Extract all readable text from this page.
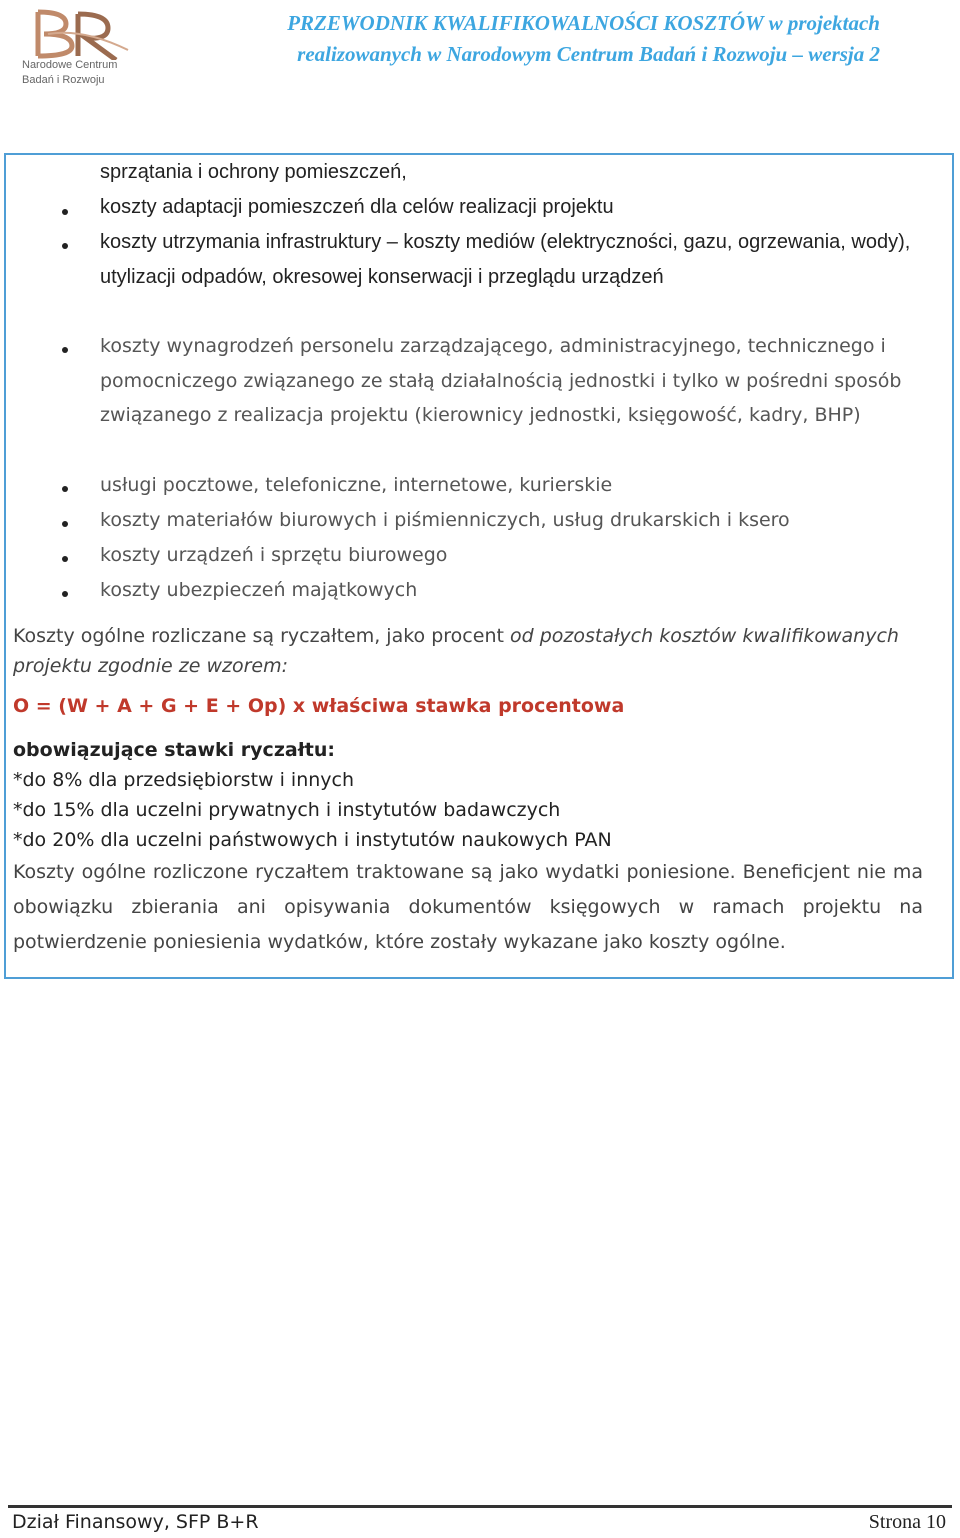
Narodowe Centrum
Badań i Rozwoju
PRZEWODNIK KWALIFIKOWALNOŚCI KOSZTÓW w projektach
realizowanych w Narodowym Centrum Badań i Rozwoju – wersja 2
sprzątania i ochrony pomieszczeń,
koszty adaptacji pomieszczeń dla celów realizacji projektu
koszty utrzymania infrastruktury – koszty mediów (elektryczności, gazu, ogrzewania, wody), utylizacji odpadów, okresowej konserwacji i przeglądu urządzeń
koszty wynagrodzeń personelu zarządzającego, administracyjnego, technicznego i pomocniczego związanego ze stałą działalnością jednostki i tylko w pośredni sposób związanego z realizacja projektu (kierownicy jednostki, księgowość, kadry, BHP)
usługi pocztowe, telefoniczne, internetowe, kurierskie
koszty materiałów biurowych i piśmienniczych, usług drukarskich i ksero
koszty urządzeń i sprzętu biurowego
koszty ubezpieczeń majątkowych
Koszty ogólne rozliczane są ryczałtem, jako procent od pozostałych kosztów kwalifikowanych projektu zgodnie ze wzorem:
O = (W + A + G + E + Op) x właściwa stawka procentowa
obowiązujące stawki ryczałtu:
*do 8% dla przedsiębiorstw i innych
*do 15% dla uczelni prywatnych i instytutów badawczych
*do 20% dla uczelni państwowych i instytutów naukowych PAN
Koszty ogólne rozliczone ryczałtem traktowane są jako wydatki poniesione. Beneficjent nie ma obowiązku zbierania ani opisywania dokumentów księgowych w ramach projektu na potwierdzenie poniesienia wydatków, które zostały wykazane jako koszty ogólne.
Dział Finansowy, SFP B+R	Strona 10
